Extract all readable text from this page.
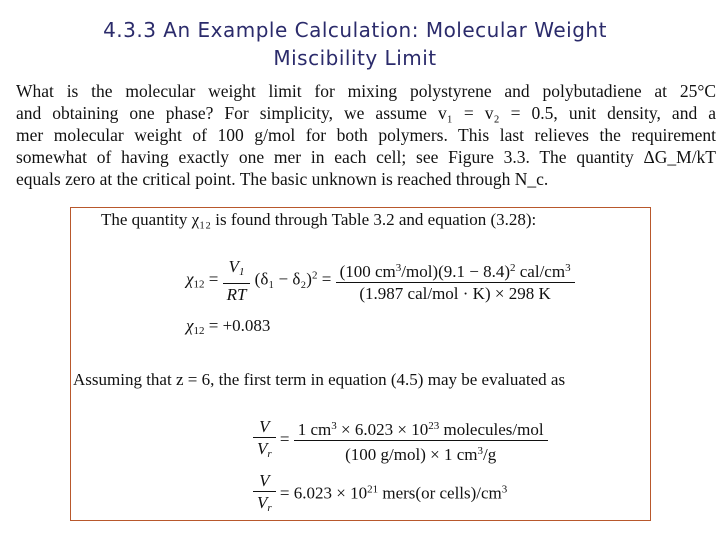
4.3.3 An Example Calculation: Molecular Weight
Miscibility Limit
What is the molecular weight limit for mixing polystyrene and polybutadiene at 25°C
and obtaining one phase? For simplicity, we assume v₁ = v₂ = 0.5, unit density, and a
mer molecular weight of 100 g/mol for both polymers. This last relieves the requirement
somewhat of having exactly one mer in each cell; see Figure 3.3. The quantity ΔG_M/kT
equals zero at the critical point. The basic unknown is reached through N_c.
The quantity χ₁₂ is found through Table 3.2 and equation (3.28):
$\chi_{12} = \frac{V_1}{RT} (\delta_1 - \delta_2)^2 = \frac{(100 cm^3/mol)(9.1 - 8.4)^2 cal/cm^3}{\text{(1.987 cal/mol · K) × 298 K}}$
$\chi_{12} = +0.083$
Assuming that z = 6, the first term in equation (4.5) may be evaluated as
$\frac{V}{V_r} = \frac{1 cm^3 \times 6.023 \times 10^{23} molecules/mol}{(100 g/mol) \times 1 cm^3/g}$
$\frac{V}{V_r} = 6.023 \times 10^{21}$ mers(or $cells)/cm^3$
